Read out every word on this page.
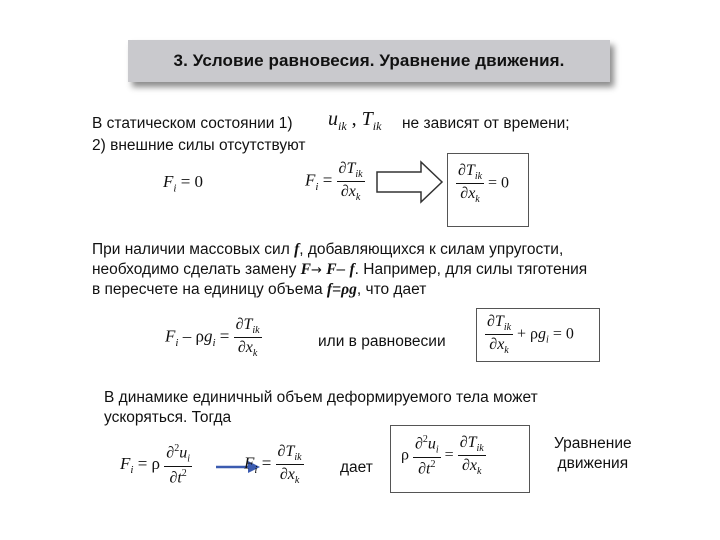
3. Условие равновесия. Уравнение движения.
В статическом состоянии 1) $u_{ik}$ , $T_{ik}$ не зависят от времени;
2) внешние силы отсутствуют
$F_i = 0$	$F_i = \frac{\partial T_{ik}}{\partial x_k}$	$\frac{\partial T_{ik}}{\partial x_k} = 0$
При наличии массовых сил f, добавляющихся к силам упругости,
необходимо сделать замену F→ F– f. Например, для силы тяготения
в пересчете на единицу объема f=ρg, что дает
$F_i - \rho g_i = \frac{\partial T_{ik}}{\partial x_k}$	или в равновесии $\frac{\partial T_{ik}}{\partial x_k} + \rho g_i = 0$
В динамике единичный объем деформируемого тела может
ускоряться. Тогда
$F_i = \rho \frac{\partial^2u_i}{\partial t^2}$	$F_i = \frac{\partial T_{ik}}{\partial x_k}$ дает
ρ $\frac{\partial^2u_i}{\partial t^2} = \frac{\partial T_{ik}}{\partial x_k}$	Уравнение
движения
